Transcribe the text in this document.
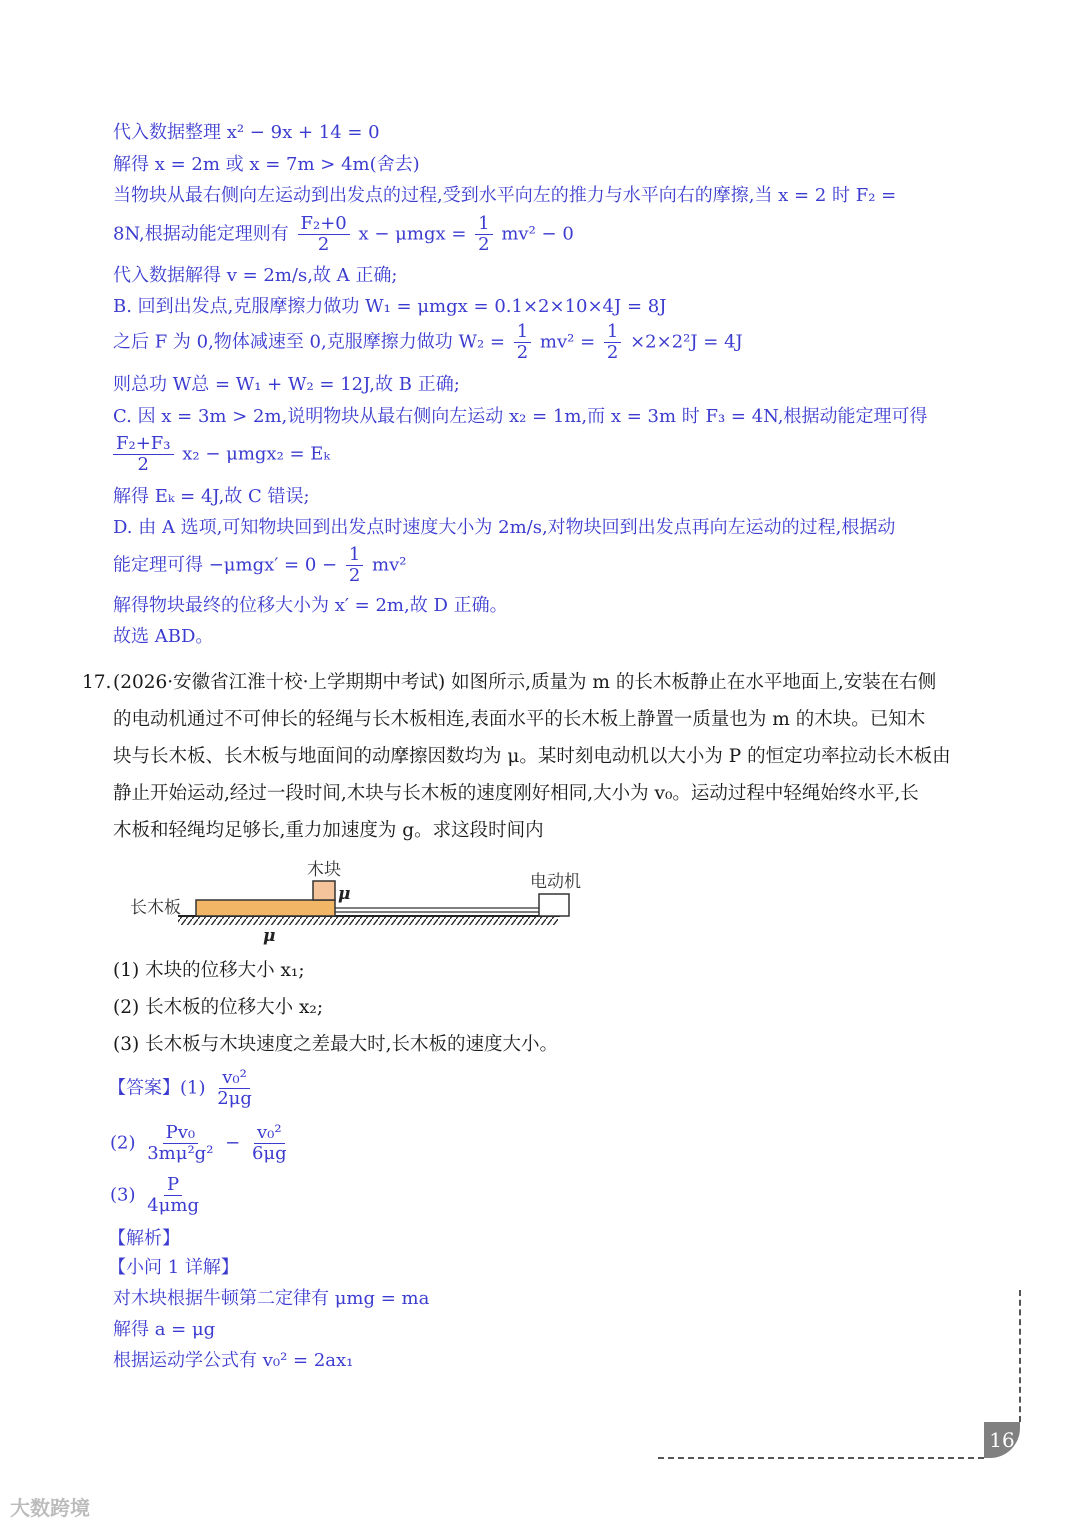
代入数据整理 x² − 9x + 14 = 0
解得 x = 2m 或 x = 7m > 4m(舍去)
当物块从最右侧向左运动到出发点的过程,受到水平向左的推力与水平向右的摩擦,当 x = 2 时 F₂ =
8N,根据动能定理则有 $\frac{\text{F₂+0}}{2}$ $x - \mu mgx = \frac{1}{2} mv^2 - 0$
代入数据解得 v = 2m/s,故 A 正确;
B. 回到出发点,克服摩擦力做功 W₁ = μmgx = 0.1×2×10×4J = 8J
之后 F 为 0,物体减速至 0,克服摩擦力做功 $W_2 = \frac{1}{2} mv^2 = \frac{1}{2} \times 2\times 2^2J = 4J$
则总功 W总 = W₁ + W₂ = 12J,故 B 正确;
C. 因 x = 3m > 2m,说明物块从最右侧向左运动 x₂ = 1m,而 x = 3m 时 F₃ = 4N,根据动能定理可得
$\frac{\text{F₂+F₃}}{2} x_2 - \mu mgx_2 = E_k$
解得 Eₖ = 4J,故 C 错误;
D. 由 A 选项,可知物块回到出发点时速度大小为 2m/s,对物块回到出发点再向左运动的过程,根据动
能定理可得 $-\mu mgx' = 0 - \frac{1}{2} mv^2$
解得物块最终的位移大小为 x′ = 2m,故 D 正确。
故选 ABD。
17. (2026·安徽省江淮十校·上学期期中考试) 如图所示,质量为 m 的长木板静止在水平地面上,安装在右侧
的电动机通过不可伸长的轻绳与长木板相连,表面水平的长木板上静置一质量也为 m 的木块。已知木
块与长木板、长木板与地面间的动摩擦因数均为 μ。某时刻电动机以大小为 P 的恒定功率拉动长木板由
静止开始运动,经过一段时间,木块与长木板的速度刚好相同,大小为 v₀。运动过程中轻绳始终水平,长
木板和轻绳均足够长,重力加速度为 g。求这段时间内
长木板
木块
电动机
μ
μ
(1) 木块的位移大小 x₁;
(2) 长木板的位移大小 x₂;
(3) 长木板与木块速度之差最大时,长木板的速度大小。
【答案】$(1) \frac{\text{v₀²}}{2\mu g}$
$(2) \frac{\text{Pv₀}}{\text{3mμ²g²}} - \frac{\text{v₀²}}{6\mu g}$
$(3) \frac{P}{\text{4μmg}}$
【解析】
【小问 1 详解】
对木块根据牛顿第二定律有 μmg = ma
解得 a = μg
根据运动学公式有 v₀² = 2ax₁
16
大数跨境
